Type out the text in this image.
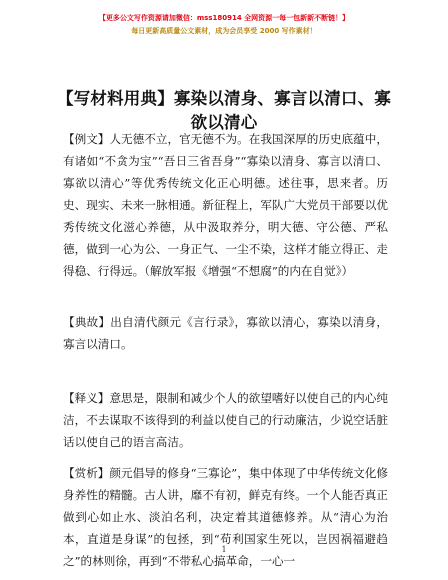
【更多公文写作资源请加微信：mss180914 全网资源一每一包新新不断链！】
每日更新高质量公文素材，成为会员享受 2000 写作素材！
【写材料用典】寡染以清身、寡言以清口、寡
欲以清心

【例文】人无德不立，官无德不为。在我国深厚的历史底蕴中，有诸如“不贪为宝”“吾日三省吾身”“寡染以清身、寡言以清口、寡欲以清心”等优秀传统文化正心明德。述往事，思来者。历史、现实、未来一脉相通。新征程上，军队广大党员干部要以优秀传统文化滋心养德，从中汲取养分，明大德、守公德、严私德，做到一心为公、一身正气、一尘不染，这样才能立得正、走得稳、行得远。（解放军报《增强“不想腐”的内在自觉》）

【典故】出自清代颜元《言行录》，寡欲以清心，寡染以清身，寡言以清口。

【释义】意思是，限制和减少个人的欲望嗜好以使自己的内心纯洁，不去谋取不该得到的利益以使自己的行动廉洁，少说空话脏话以使自己的语言高洁。

【赏析】颜元倡导的修身“三寡论”，集中体现了中华传统文化修身养性的精髓。古人讲，靡不有初，鲜克有终。一个人能否真正做到心如止水、淡泊名利，决定着其道德修养。从“清心为治本，直道是身谋”的包拯，到“苟利国家生死以，岂因祸福避趋之”的林则徐，再到“不带私心搞革命，一心一

1
